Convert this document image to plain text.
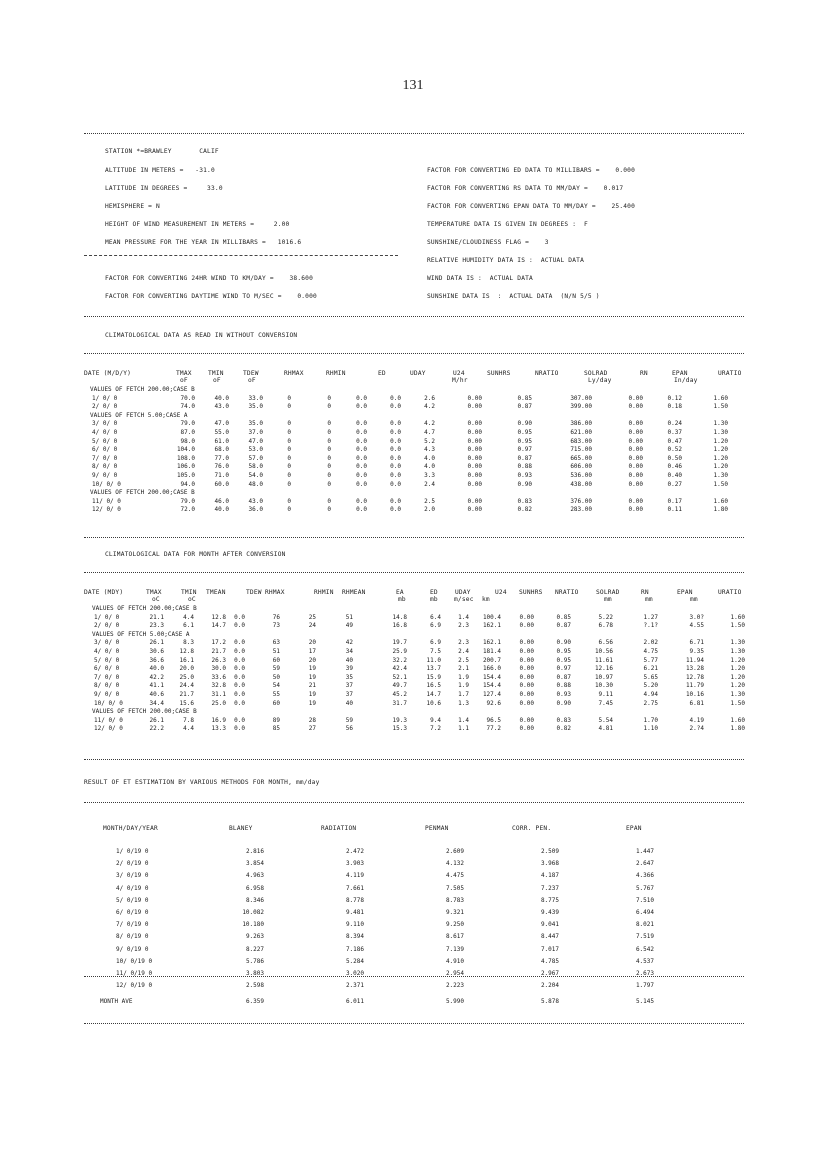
131
STATION *=BRAWLEY       CALIF
ALTITUDE IN METERS =   -31.0
LATITUDE IN DEGREES =     33.0
HEMISPHERE = N
HEIGHT OF WIND MEASUREMENT IN METERS =     2.00
MEAN PRESSURE FOR THE YEAR IN MILLIBARS =   1016.6
FACTOR FOR CONVERTING ED DATA TO MILLIBARS =    0.000
FACTOR FOR CONVERTING RS DATA TO MM/DAY =    0.017
FACTOR FOR CONVERTING EPAN DATA TO MM/DAY =    25.400
TEMPERATURE DATA IS GIVEN IN DEGREES :  F
SUNSHINE/CLOUDINESS FLAG =    3
RELATIVE HUMIDITY DATA IS :  ACTUAL DATA
FACTOR FOR CONVERTING 24HR WIND TO KM/DAY =    38.600	WIND DATA IS :  ACTUAL DATA
FACTOR FOR CONVERTING DAYTIME WIND TO M/SEC =    0.000	SUNSHINE DATA IS  :  ACTUAL DATA  (N/N 5/5 )
CLIMATOLOGICAL DATA AS READ IN WITHOUT CONVERSION
DATE (M/D/Y)	TMAX	TMIN	TDEW	RHMAX	RHMIN	ED	UDAY	U24	SUNHRS	NRATIO	SOLRAD	RN	EPAN	URATIO
oF	oF	oF	M/hr	Ly/day	In/day
VALUES OF FETCH 200.00;CASE B
1/ 0/ 0	70.0	40.0	33.0	0	0	0.0	0.0	2.6	0.00	0.85	307.00	0.00	0.12	1.60
2/ 0/ 0	74.0	43.0	35.0	0	0	0.0	0.0	4.2	0.00	0.87	399.00	0.00	0.18	1.50
VALUES OF FETCH 5.00;CASE A
3/ 0/ 0	79.0	47.0	35.0	0	0	0.0	0.0	4.2	0.00	0.90	386.00	0.00	0.24	1.30
4/ 0/ 0	87.0	55.0	37.0	0	0	0.0	0.0	4.7	0.00	0.95	621.00	0.00	0.37	1.30
5/ 0/ 0	98.0	61.0	47.0	0	0	0.0	0.0	5.2	0.00	0.95	683.00	0.00	0.47	1.20
6/ 0/ 0	104.0	68.0	53.0	0	0	0.0	0.0	4.3	0.00	0.97	715.00	0.00	0.52	1.20
7/ 0/ 0	108.0	77.0	57.0	0	0	0.0	0.0	4.0	0.00	0.87	665.00	0.00	0.50	1.20
8/ 0/ 0	106.0	76.0	58.0	0	0	0.0	0.0	4.0	0.00	0.88	606.00	0.00	0.46	1.20
9/ 0/ 0	105.0	71.0	54.0	0	0	0.0	0.0	3.3	0.00	0.93	536.00	0.00	0.40	1.30
10/ 0/ 0	94.0	60.0	48.0	0	0	0.0	0.0	2.4	0.00	0.90	438.00	0.00	0.27	1.50
VALUES OF FETCH 200.00;CASE B
11/ 0/ 0	79.0	46.0	43.0	0	0	0.0	0.0	2.5	0.00	0.83	376.00	0.00	0.17	1.60
12/ 0/ 0	72.0	40.0	36.0	0	0	0.0	0.0	2.0	0.00	0.82	283.00	0.00	0.11	1.80
CLIMATOLOGICAL DATA FOR MONTH AFTER CONVERSION
DATE (MDY)	TMAX	TMIN TMEAN	TDEW RHMAX	RHMIN RHMEAN	EA	ED	UDAY	U24 SUNHRS NRATIO	SOLRAD	RN	EPAN	URATIO
oC	oC	mb	mb	m/sec km	mm	mm	mm
VALUES OF FETCH 200.00;CASE B
1/ 0/ 0	21.1	4.4	12.8 0.0	76	25	51	14.8	6.4	1.4 100.4	0.00	0.85	5.22	1.27	3.0?	1.60
2/ 0/ 0	23.3	6.1	14.7 0.0	73	24	49	16.8	6.9	2.3 162.1	0.00	0.87	6.78	?.1?	4.55	1.50
VALUES OF FETCH 5.00;CASE A
3/ 0/ 0	26.1	8.3	17.2 0.0	63	20	42	19.7	6.9	2.3 162.1	0.00	0.90	6.56	2.02	6.71	1.30
4/ 0/ 0	30.6	12.8	21.7 0.0	51	17	34	25.9	7.5	2.4 181.4	0.00	0.95	10.56	4.75	9.35	1.30
5/ 0/ 0	36.6	16.1	26.3 0.0	60	20	40	32.2	11.0	2.5 200.7	0.00	0.95	11.61	5.77	11.94	1.20
6/ 0/ 0	40.0	20.0	30.0 0.0	59	19	39	42.4	13.7	2.1 166.0	0.00	0.97	12.16	6.21	13.28	1.20
7/ 0/ 0	42.2	25.0	33.6 0.0	50	19	35	52.1	15.9	1.9 154.4	0.00	0.87	10.97	5.65	12.78	1.20
8/ 0/ 0	41.1	24.4	32.8 0.0	54	21	37	49.7	16.5	1.9 154.4	0.00	0.88	10.30	5.20	11.79	1.20
9/ 0/ 0	40.6	21.7	31.1 0.0	55	19	37	45.2	14.7	1.7 127.4	0.00	0.93	9.11	4.94	10.16	1.30
10/ 0/ 0	34.4	15.6	25.0 0.0	60	19	40	31.7	10.6	1.3	92.6	0.00	0.90	7.45	2.75	6.81	1.50
VALUES OF FETCH 200.00;CASE B
11/ 0/ 0	26.1	7.8	16.9 0.0	89	28	59	19.3	9.4	1.4	96.5	0.00	0.83	5.54	1.70	4.19	1.60
12/ 0/ 0	22.2	4.4	13.3 0.0	85	27	56	15.3	7.2	1.1	77.2	0.00	0.82	4.81	1.10	2.?4	1.80
RESULT OF ET ESTIMATION BY VARIOUS METHODS FOR MONTH, mm/day
MONTH/DAY/YEAR	BLANEY	RADIATION	PENMAN	CORR. PEN.	EPAN
1/ 0/19 0	2.816	2.472	2.609	2.509	1.447
2/ 0/19 0	3.854	3.903	4.132	3.968	2.647
3/ 0/19 0	4.963	4.119	4.475	4.187	4.366
4/ 0/19 0	6.958	7.661	7.505	7.237	5.767
5/ 0/19 0	8.346	8.778	8.783	8.775	7.510
6/ 0/19 0	10.082	9.481	9.321	9.439	6.494
7/ 0/19 0	10.180	9.110	9.250	9.041	8.021
8/ 0/19 0	9.263	8.394	8.617	8.447	7.519
9/ 0/19 0	8.227	7.186	7.139	7.017	6.542
10/ 0/19 0	5.786	5.284	4.910	4.785	4.537
11/ 0/19 0	3.803	3.020	2.954	2.967	2.673
12/ 0/19 0	2.598	2.371	2.223	2.204	1.797
MONTH AVE	6.359	6.011	5.990	5.878	5.145
